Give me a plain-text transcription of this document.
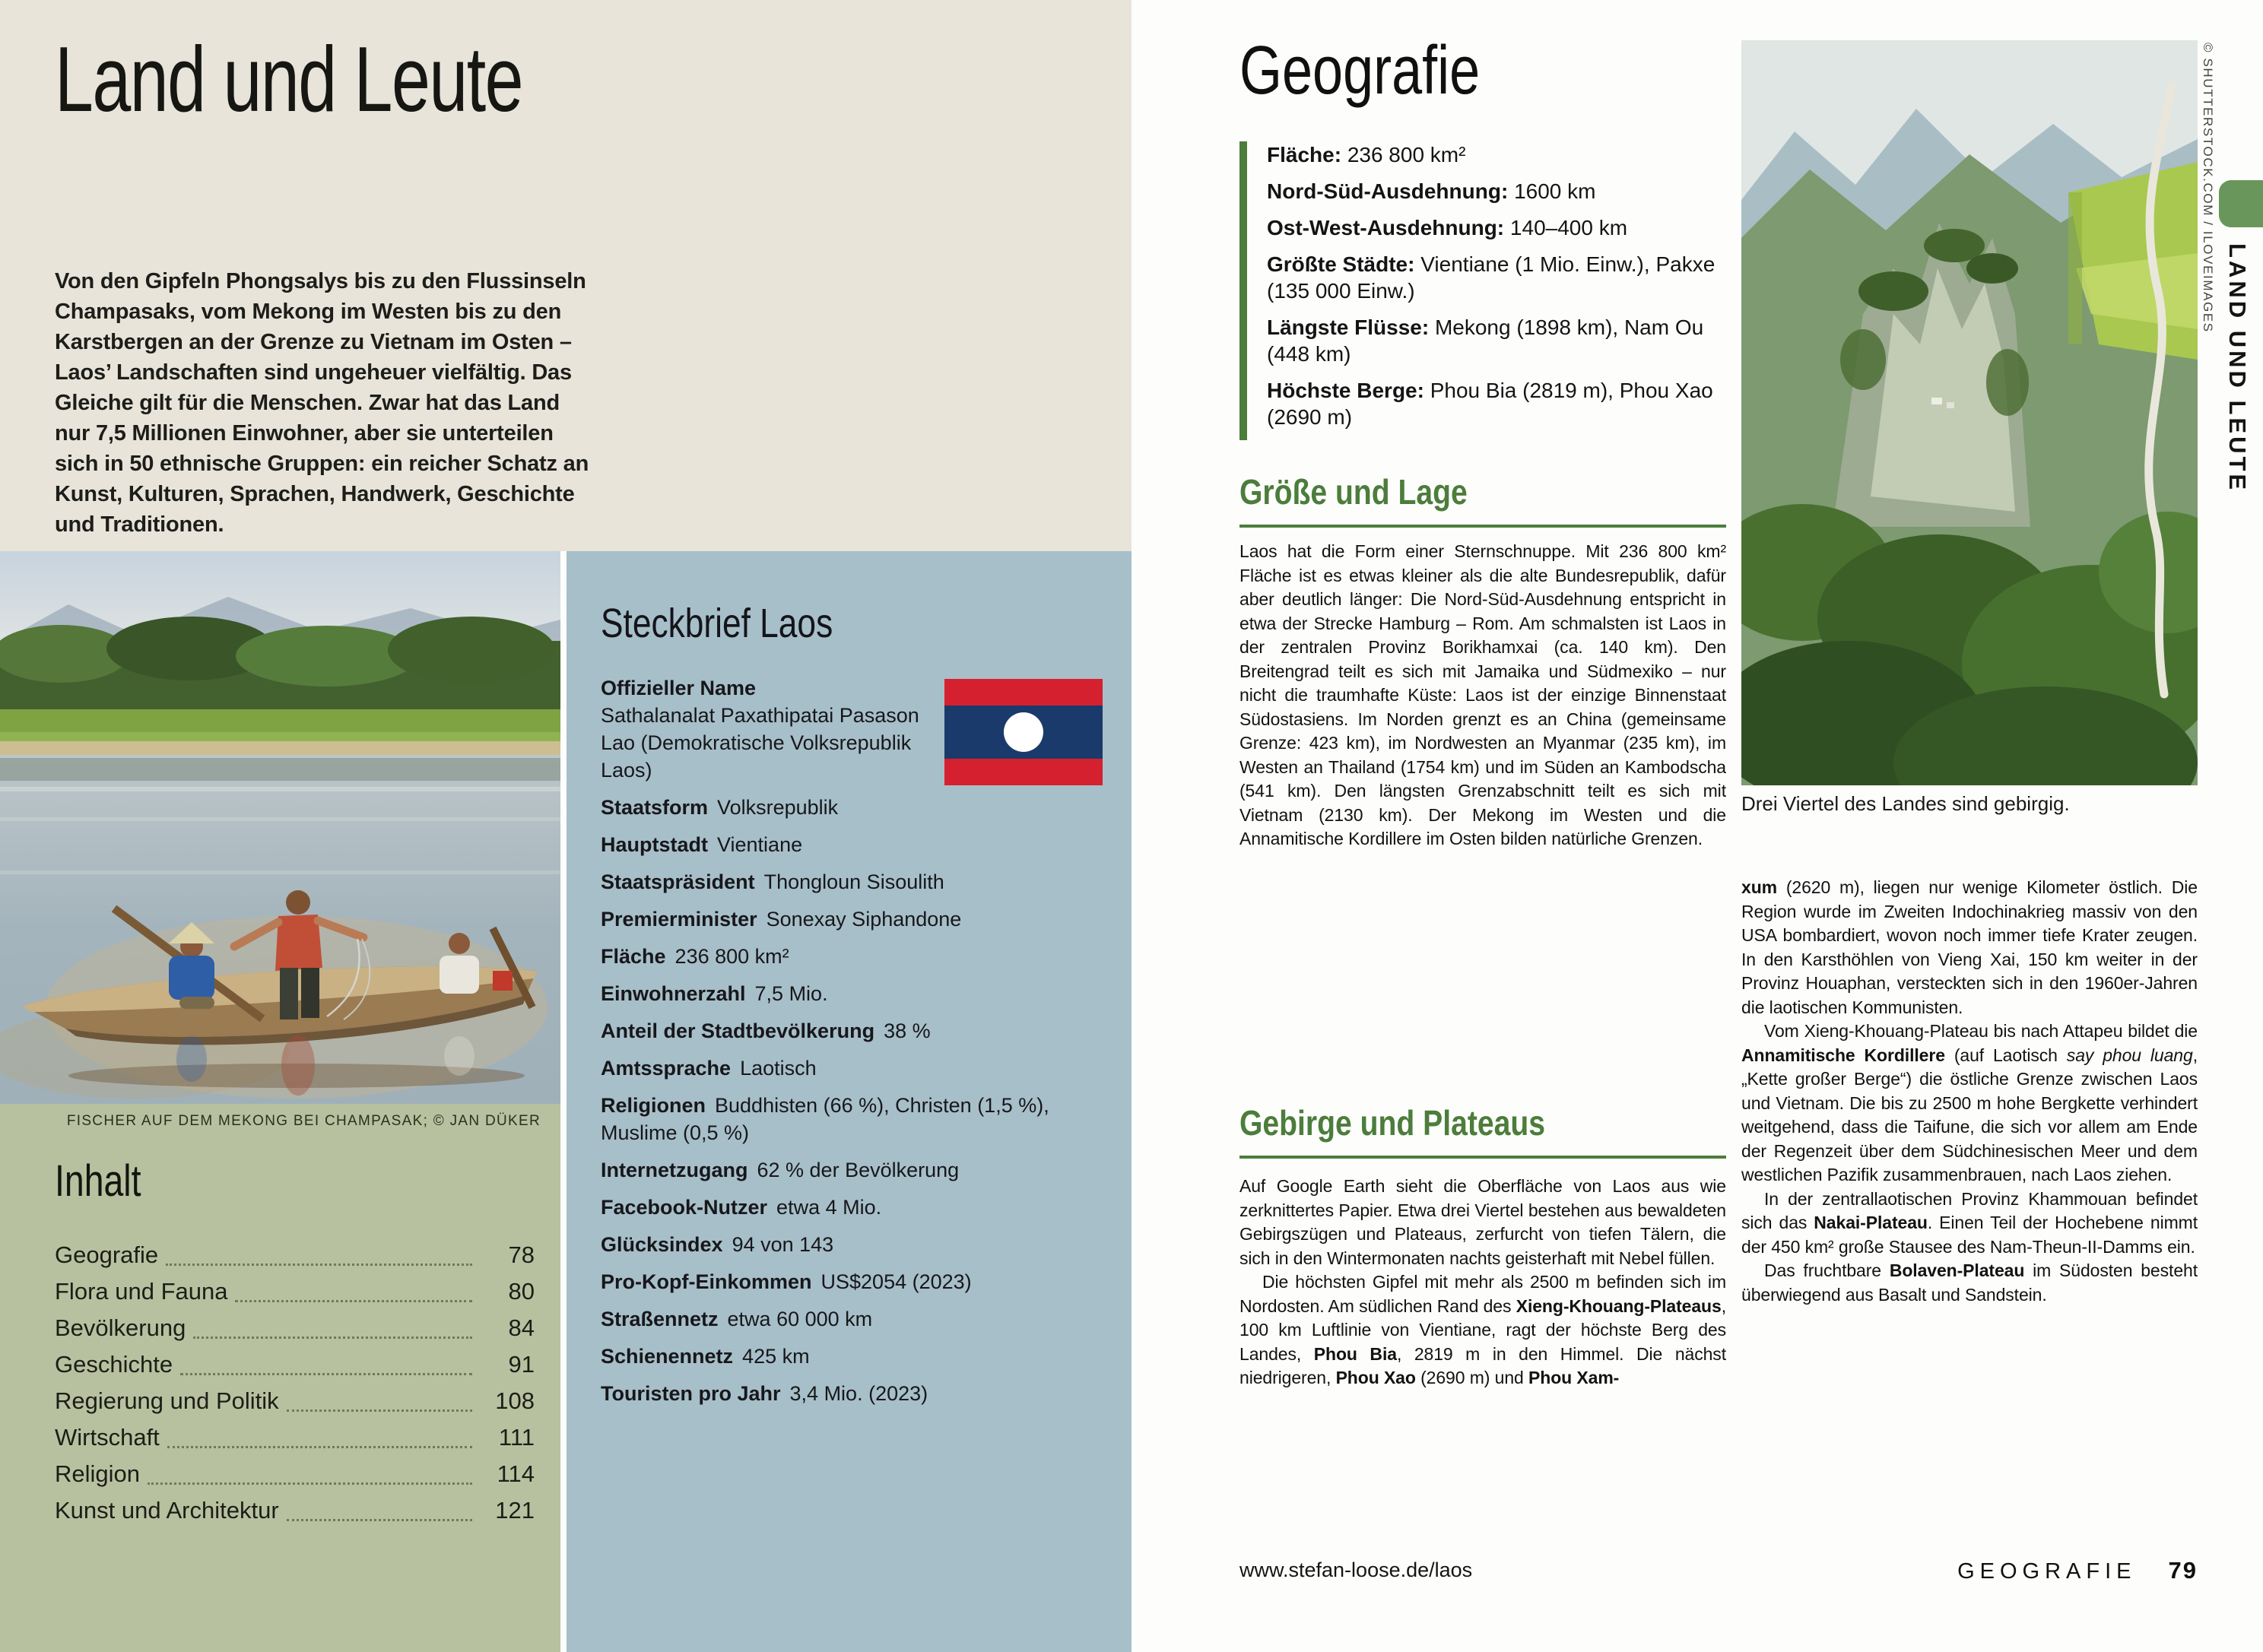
Land und Leute
Von den Gipfeln Phongsalys bis zu den Flussinseln Champasaks, vom Mekong im Westen bis zu den Karstbergen an der Grenze zu Vietnam im Osten – Laos’ Landschaften sind ungeheuer vielfältig. Das Gleiche gilt für die Menschen. Zwar hat das Land nur 7,5 Millionen Einwohner, aber sie unterteilen sich in 50 ethnische Gruppen: ein reicher Schatz an Kunst, Kulturen, Sprachen, Handwerk, Geschichte und Traditionen.
FISCHER AUF DEM MEKONG BEI CHAMPASAK; © JAN DÜKER
Inhalt
Geografie	78
Flora und Fauna	80
Bevölkerung	84
Geschichte	91
Regierung und Politik	108
Wirtschaft	111
Religion	114
Kunst und Architektur	121
Steckbrief Laos
Offizieller Name
Sathalanalat Paxathipatai Pasason Lao (Demokratische Volksrepublik Laos)
Staatsform Volksrepublik
Hauptstadt Vientiane
Staatspräsident Thongloun Sisoulith
Premierminister Sonexay Siphandone
Fläche 236 800 km²
Einwohnerzahl 7,5 Mio.
Anteil der Stadtbevölkerung 38 %
Amtssprache Laotisch
Religionen Buddhisten (66 %), Christen (1,5 %), Muslime (0,5 %)
Internetzugang 62 % der Bevölkerung
Facebook-Nutzer etwa 4 Mio.
Glücksindex 94 von 143
Pro-Kopf-Einkommen US$2054 (2023)
Straßennetz etwa 60 000 km
Schienennetz 425 km
Touristen pro Jahr 3,4 Mio. (2023)
Geografie
Fläche: 236 800 km²
Nord-Süd-Ausdehnung: 1600 km
Ost-West-Ausdehnung: 140–400 km
Größte Städte: Vientiane (1 Mio. Einw.), Pakxe (135 000 Einw.)
Längste Flüsse: Mekong (1898 km), Nam Ou (448 km)
Höchste Berge: Phou Bia (2819 m), Phou Xao (2690 m)
Größe und Lage

Laos hat die Form einer Sternschnuppe. Mit 236 800 km² Fläche ist es etwas kleiner als die alte Bundesrepublik, dafür aber deutlich länger: Die Nord-Süd-Ausdehnung entspricht in etwa der Strecke Hamburg – Rom. Am schmalsten ist Laos in der zentralen Provinz Borikhamxai (ca. 140 km). Den Breitengrad teilt es sich mit Jamaika und Südmexiko – nur nicht die traumhafte Küste: Laos ist der einzige Binnenstaat Südostasiens. Im Norden grenzt es an China (gemeinsame Grenze: 423 km), im Nordwesten an Myanmar (235 km), im Westen an Thailand (1754 km) und im Süden an Kambodscha (541 km). Den längsten Grenzabschnitt teilt es sich mit Vietnam (2130 km). Der Mekong im Westen und die Annamitische Kordillere im Osten bilden natürliche Grenzen.

Gebirge und Plateaus

Auf Google Earth sieht die Oberfläche von Laos aus wie zerknittertes Papier. Etwa drei Viertel bestehen aus bewaldeten Gebirgszügen und Plateaus, zerfurcht von tiefen Tälern, die sich in den Wintermonaten nachts geisterhaft mit Nebel füllen.

Die höchsten Gipfel mit mehr als 2500 m befinden sich im Nordosten. Am südlichen Rand des Xieng-Khouang-Plateaus, 100 km Luftlinie von Vientiane, ragt der höchste Berg des Landes, Phou Bia, 2819 m in den Himmel. Die nächst niedrigeren, Phou Xao (2690 m) und Phou Xam-

© SHUTTERSTOCK.COM / ILOVEIMAGES
Drei Viertel des Landes sind gebirgig.

xum (2620 m), liegen nur wenige Kilometer östlich. Die Region wurde im Zweiten Indochinakrieg massiv von den USA bombardiert, wovon noch immer tiefe Krater zeugen. In den Karsthöhlen von Vieng Xai, 150 km weiter in der Provinz Houaphan, versteckten sich in den 1960er-Jahren die laotischen Kommunisten.

Vom Xieng-Khouang-Plateau bis nach Attapeu bildet die Annamitische Kordillere (auf Laotisch say phou luang, „Kette großer Berge“) die östliche Grenze zwischen Laos und Vietnam. Die bis zu 2500 m hohe Bergkette verhindert weitgehend, dass die Taifune, die sich vor allem am Ende der Regenzeit über dem Südchinesischen Meer und dem westlichen Pazifik zusammenbrauen, nach Laos ziehen.

In der zentrallaotischen Provinz Khammouan befindet sich das Nakai-Plateau. Einen Teil der Hochebene nimmt der 450 km² große Stausee des Nam-Theun-II-Damms ein.

Das fruchtbare Bolaven-Plateau im Südosten besteht überwiegend aus Basalt und Sandstein.

LAND UND LEUTE
www.stefan-loose.de/laos	GEOGRAFIE 79
